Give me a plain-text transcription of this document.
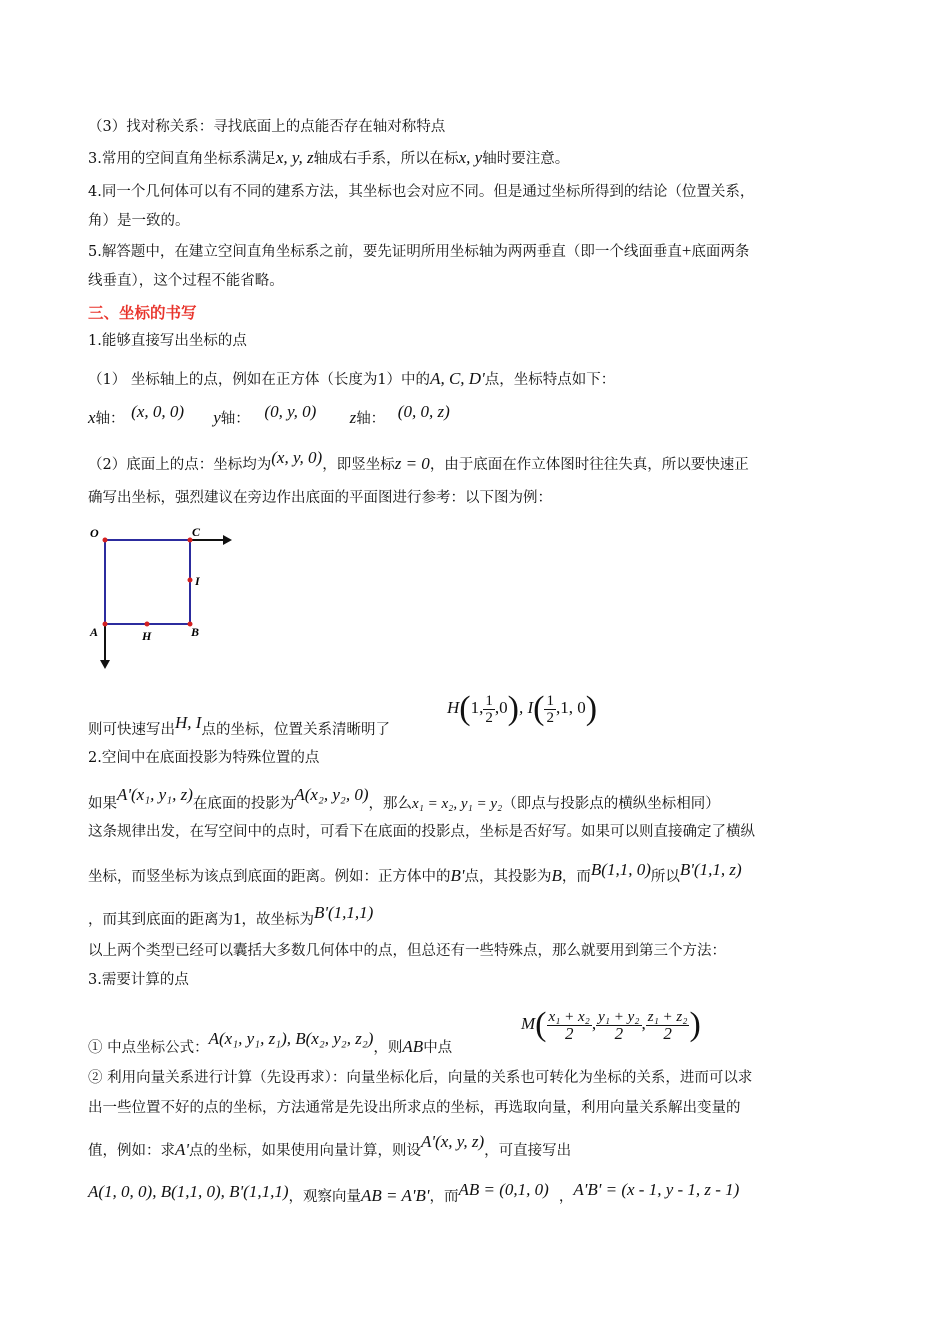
（3）找对称关系：寻找底面上的点能否存在轴对称特点
3.常用的空间直角坐标系满足x, y, z轴成右手系，所以在标x, y轴时要注意。
4.同一个几何体可以有不同的建系方法，其坐标也会对应不同。但是通过坐标所得到的结论（位置关系，
角）是一致的。
5.解答题中，在建立空间直角坐标系之前，要先证明所用坐标轴为两两垂直（即一个线面垂直+底面两条
线垂直），这个过程不能省略。
三、坐标的书写
1.能够直接写出坐标的点
（1） 坐标轴上的点，例如在正方体（长度为1）中的A, C, D'点，坐标特点如下：
x轴： (x, 0, 0) y轴： (0, y, 0) z轴： (0, 0, z)
（2）底面上的点：坐标均为(x, y, 0)，即竖坐标z = 0，由于底面在作立体图时往往失真，所以要快速正
确写出坐标，强烈建议在旁边作出底面的平面图进行参考：以下图为例：
O	C
I
A	H	B
则可快速写出H, I点的坐标，位置关系清晰明了
H(1, $\frac{1}{2} ,0$), $I( \frac{1}{2} ,1$, 0)
2.空间中在底面投影为特殊位置的点
如果A'(x₁, y₁, z)在底面的投影为A(x₂, y₂, 0)，那么x₁ = x₂, y₁ = y₂（即点与投影点的横纵坐标相同）
这条规律出发，在写空间中的点时，可看下在底面的投影点，坐标是否好写。如果可以则直接确定了横纵
坐标，而竖坐标为该点到底面的距离。例如：正方体中的B'点，其投影为B，而B(1,1, 0)所以B'(1,1, z)
，而其到底面的距离为1，故坐标为B'(1,1,1)
以上两个类型已经可以囊括大多数几何体中的点，但总还有一些特殊点，那么就要用到第三个方法：
3.需要计算的点
① 中点坐标公式：A(x₁, y₁, z₁), B(x₂, y₂, z₂)，则AB中点
$M( \frac{\text{x₁ + x₂}}{2}$ , $\frac{\text{y₁ + y₂}}{2}$ , $\frac{\text{z₁ + z₂}}{2}$ )
② 利用向量关系进行计算（先设再求）：向量坐标化后，向量的关系也可转化为坐标的关系，进而可以求
出一些位置不好的点的坐标，方法通常是先设出所求点的坐标，再选取向量，利用向量关系解出变量的
值，例如：求A'点的坐标，如果使用向量计算，则设A'(x, y, z)，可直接写出
A(1, 0, 0), B(1,1, 0), B'(1,1,1)，观察向量AB = A'B'，而AB = (0,1, 0) ，A'B' = (x - 1, y - 1, z - 1)
